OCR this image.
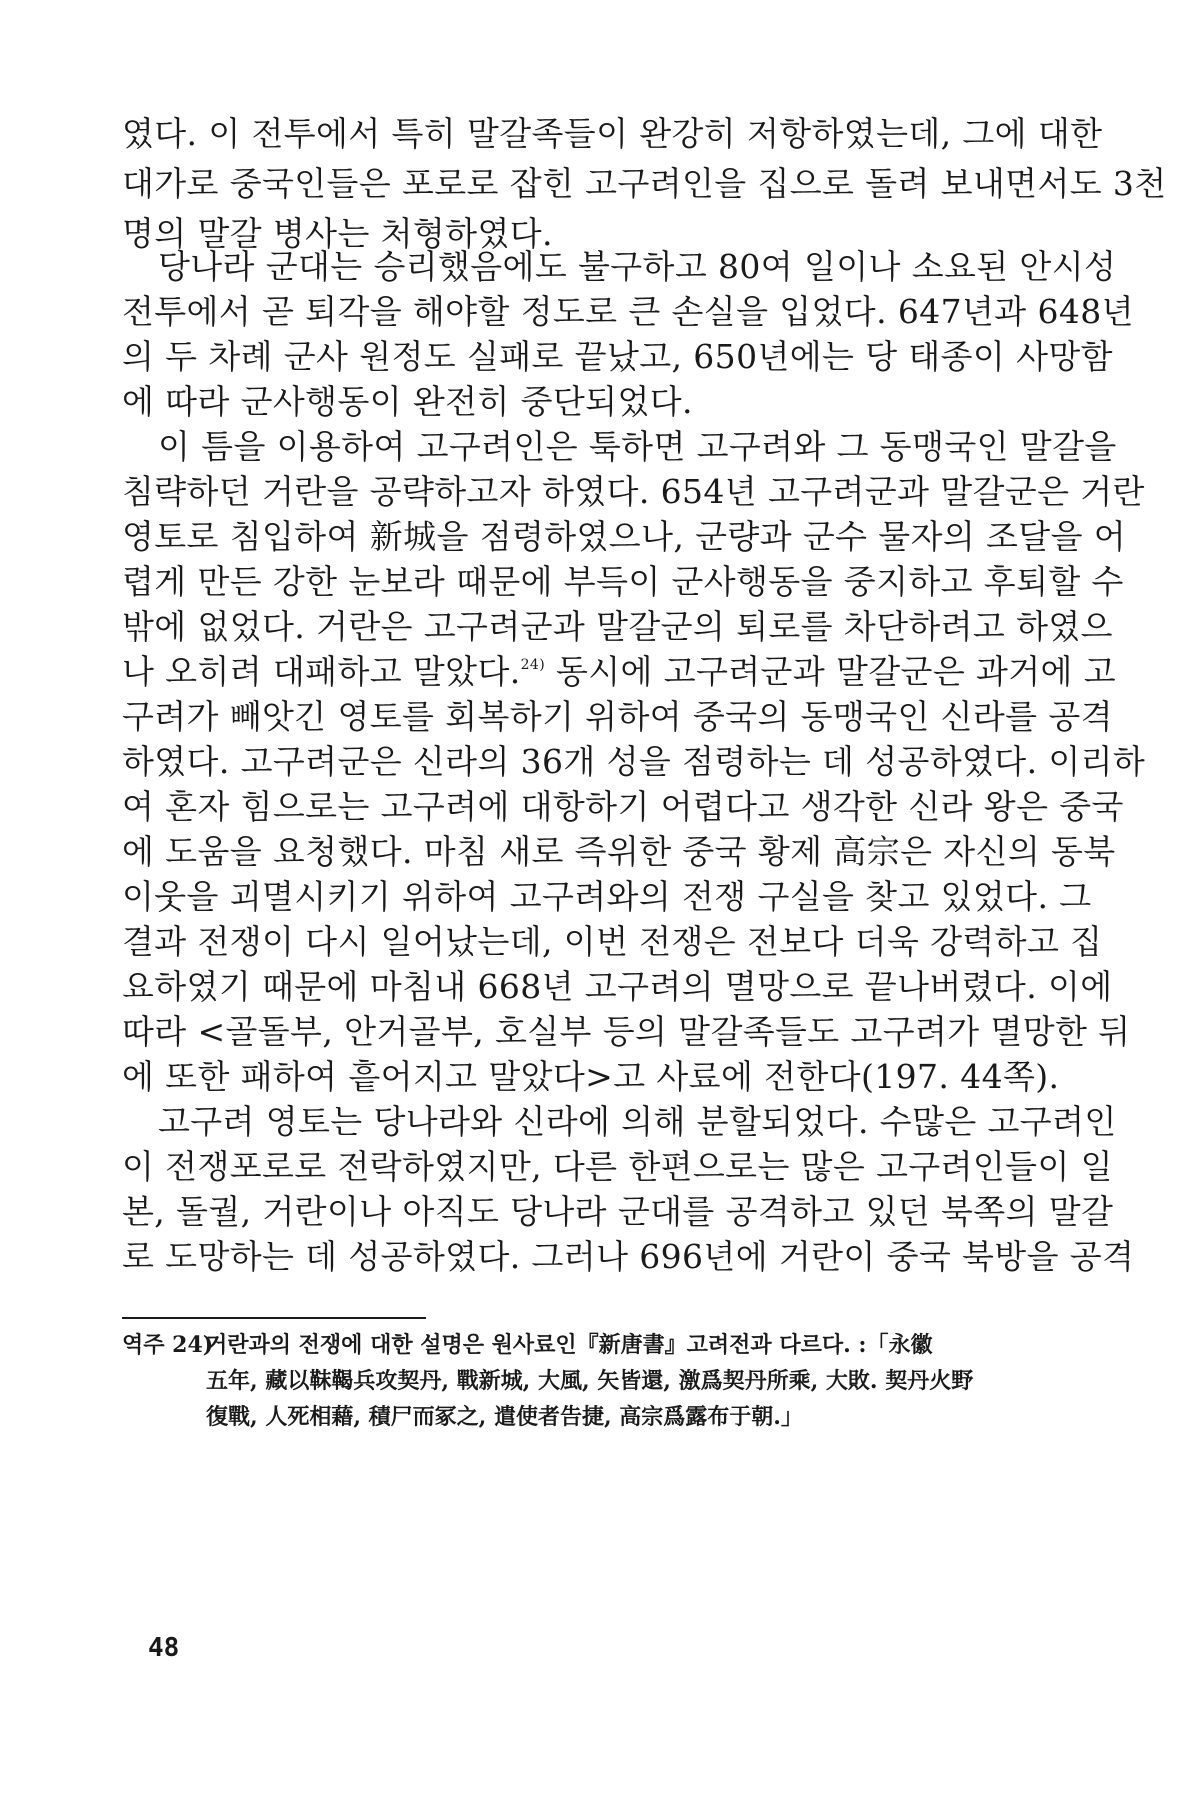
였다. 이 전투에서 특히 말갈족들이 완강히 저항하였는데, 그에 대한
대가로 중국인들은 포로로 잡힌 고구려인을 집으로 돌려 보내면서도 3천
명의 말갈 병사는 처형하였다.
당나라 군대는 승리했음에도 불구하고 80여 일이나 소요된 안시성
전투에서 곧 퇴각을 해야할 정도로 큰 손실을 입었다. 647년과 648년
의 두 차례 군사 원정도 실패로 끝났고, 650년에는 당 태종이 사망함
에 따라 군사행동이 완전히 중단되었다.
이 틈을 이용하여 고구려인은 툭하면 고구려와 그 동맹국인 말갈을
침략하던 거란을 공략하고자 하였다. 654년 고구려군과 말갈군은 거란
영토로 침입하여 新城을 점령하였으나, 군량과 군수 물자의 조달을 어
렵게 만든 강한 눈보라 때문에 부득이 군사행동을 중지하고 후퇴할 수
밖에 없었다. 거란은 고구려군과 말갈군의 퇴로를 차단하려고 하였으
나 오히려 대패하고 말았다.$^{24)}$ 동시에 고구려군과 말갈군은 과거에 고
구려가 빼앗긴 영토를 회복하기 위하여 중국의 동맹국인 신라를 공격
하였다. 고구려군은 신라의 36개 성을 점령하는 데 성공하였다. 이리하
여 혼자 힘으로는 고구려에 대항하기 어렵다고 생각한 신라 왕은 중국
에 도움을 요청했다. 마침 새로 즉위한 중국 황제 高宗은 자신의 동북
이웃을 괴멸시키기 위하여 고구려와의 전쟁 구실을 찾고 있었다. 그
결과 전쟁이 다시 일어났는데, 이번 전쟁은 전보다 더욱 강력하고 집
요하였기 때문에 마침내 668년 고구려의 멸망으로 끝나버렸다. 이에
따라 <골돌부, 안거골부, 호실부 등의 말갈족들도 고구려가 멸망한 뒤
에 또한 패하여 흩어지고 말았다>고 사료에 전한다(197. 44쪽).
고구려 영토는 당나라와 신라에 의해 분할되었다. 수많은 고구려인
이 전쟁포로로 전락하였지만, 다른 한편으로는 많은 고구려인들이 일
본, 돌궐, 거란이나 아직도 당나라 군대를 공격하고 있던 북쪽의 말갈
로 도망하는 데 성공하였다. 그러나 696년에 거란이 중국 북방을 공격
역주 24)거란과의 전쟁에 대한 설명은 원사료인『新唐書』고려전과 다르다. :「永徽
五年, 藏以靺鞨兵攻契丹, 戰新城, 大風, 矢皆還, 激爲契丹所乘, 大敗. 契丹火野
復戰, 人死相藉, 積尸而冢之, 遣使者告捷, 高宗爲露布于朝.」
48
